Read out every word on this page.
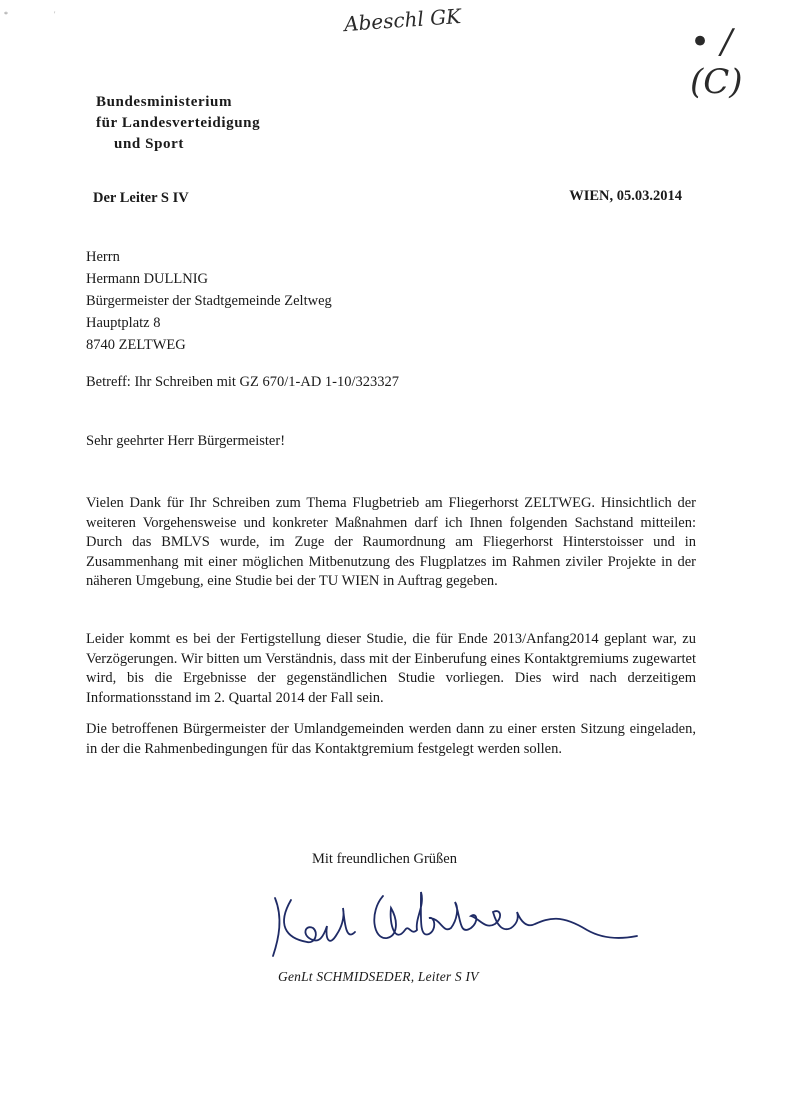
*	'	Abeschl GK
• / (C)
Bundesministerium
für Landesverteidigung
und Sport
Der Leiter S IV	WIEN, 05.03.2014
Herrn
Hermann DULLNIG
Bürgermeister der Stadtgemeinde Zeltweg
Hauptplatz 8
8740 ZELTWEG
Betreff: Ihr Schreiben mit GZ 670/1-AD 1-10/323327
Sehr geehrter Herr Bürgermeister!
Vielen Dank für Ihr Schreiben zum Thema Flugbetrieb am Fliegerhorst ZELTWEG. Hinsichtlich der weiteren Vorgehensweise und konkreter Maßnahmen darf ich Ihnen folgenden Sachstand mitteilen: Durch das BMLVS wurde, im Zuge der Raumordnung am Fliegerhorst Hinterstoisser und in Zusammenhang mit einer möglichen Mitbenutzung des Flugplatzes im Rahmen ziviler Projekte in der näheren Umgebung, eine Studie bei der TU WIEN in Auftrag gegeben.
Leider kommt es bei der Fertigstellung dieser Studie, die für Ende 2013/Anfang2014 geplant war, zu Verzögerungen. Wir bitten um Verständnis, dass mit der Einberufung eines Kontaktgremiums zugewartet wird, bis die Ergebnisse der gegenständlichen Studie vorliegen. Dies wird nach derzeitigem Informationsstand im 2. Quartal 2014 der Fall sein.
Die betroffenen Bürgermeister der Umlandgemeinden werden dann zu einer ersten Sitzung eingeladen, in der die Rahmenbedingungen für das Kontaktgremium festgelegt werden sollen.
Mit freundlichen Grüßen
GenLt SCHMIDSEDER, Leiter S IV
